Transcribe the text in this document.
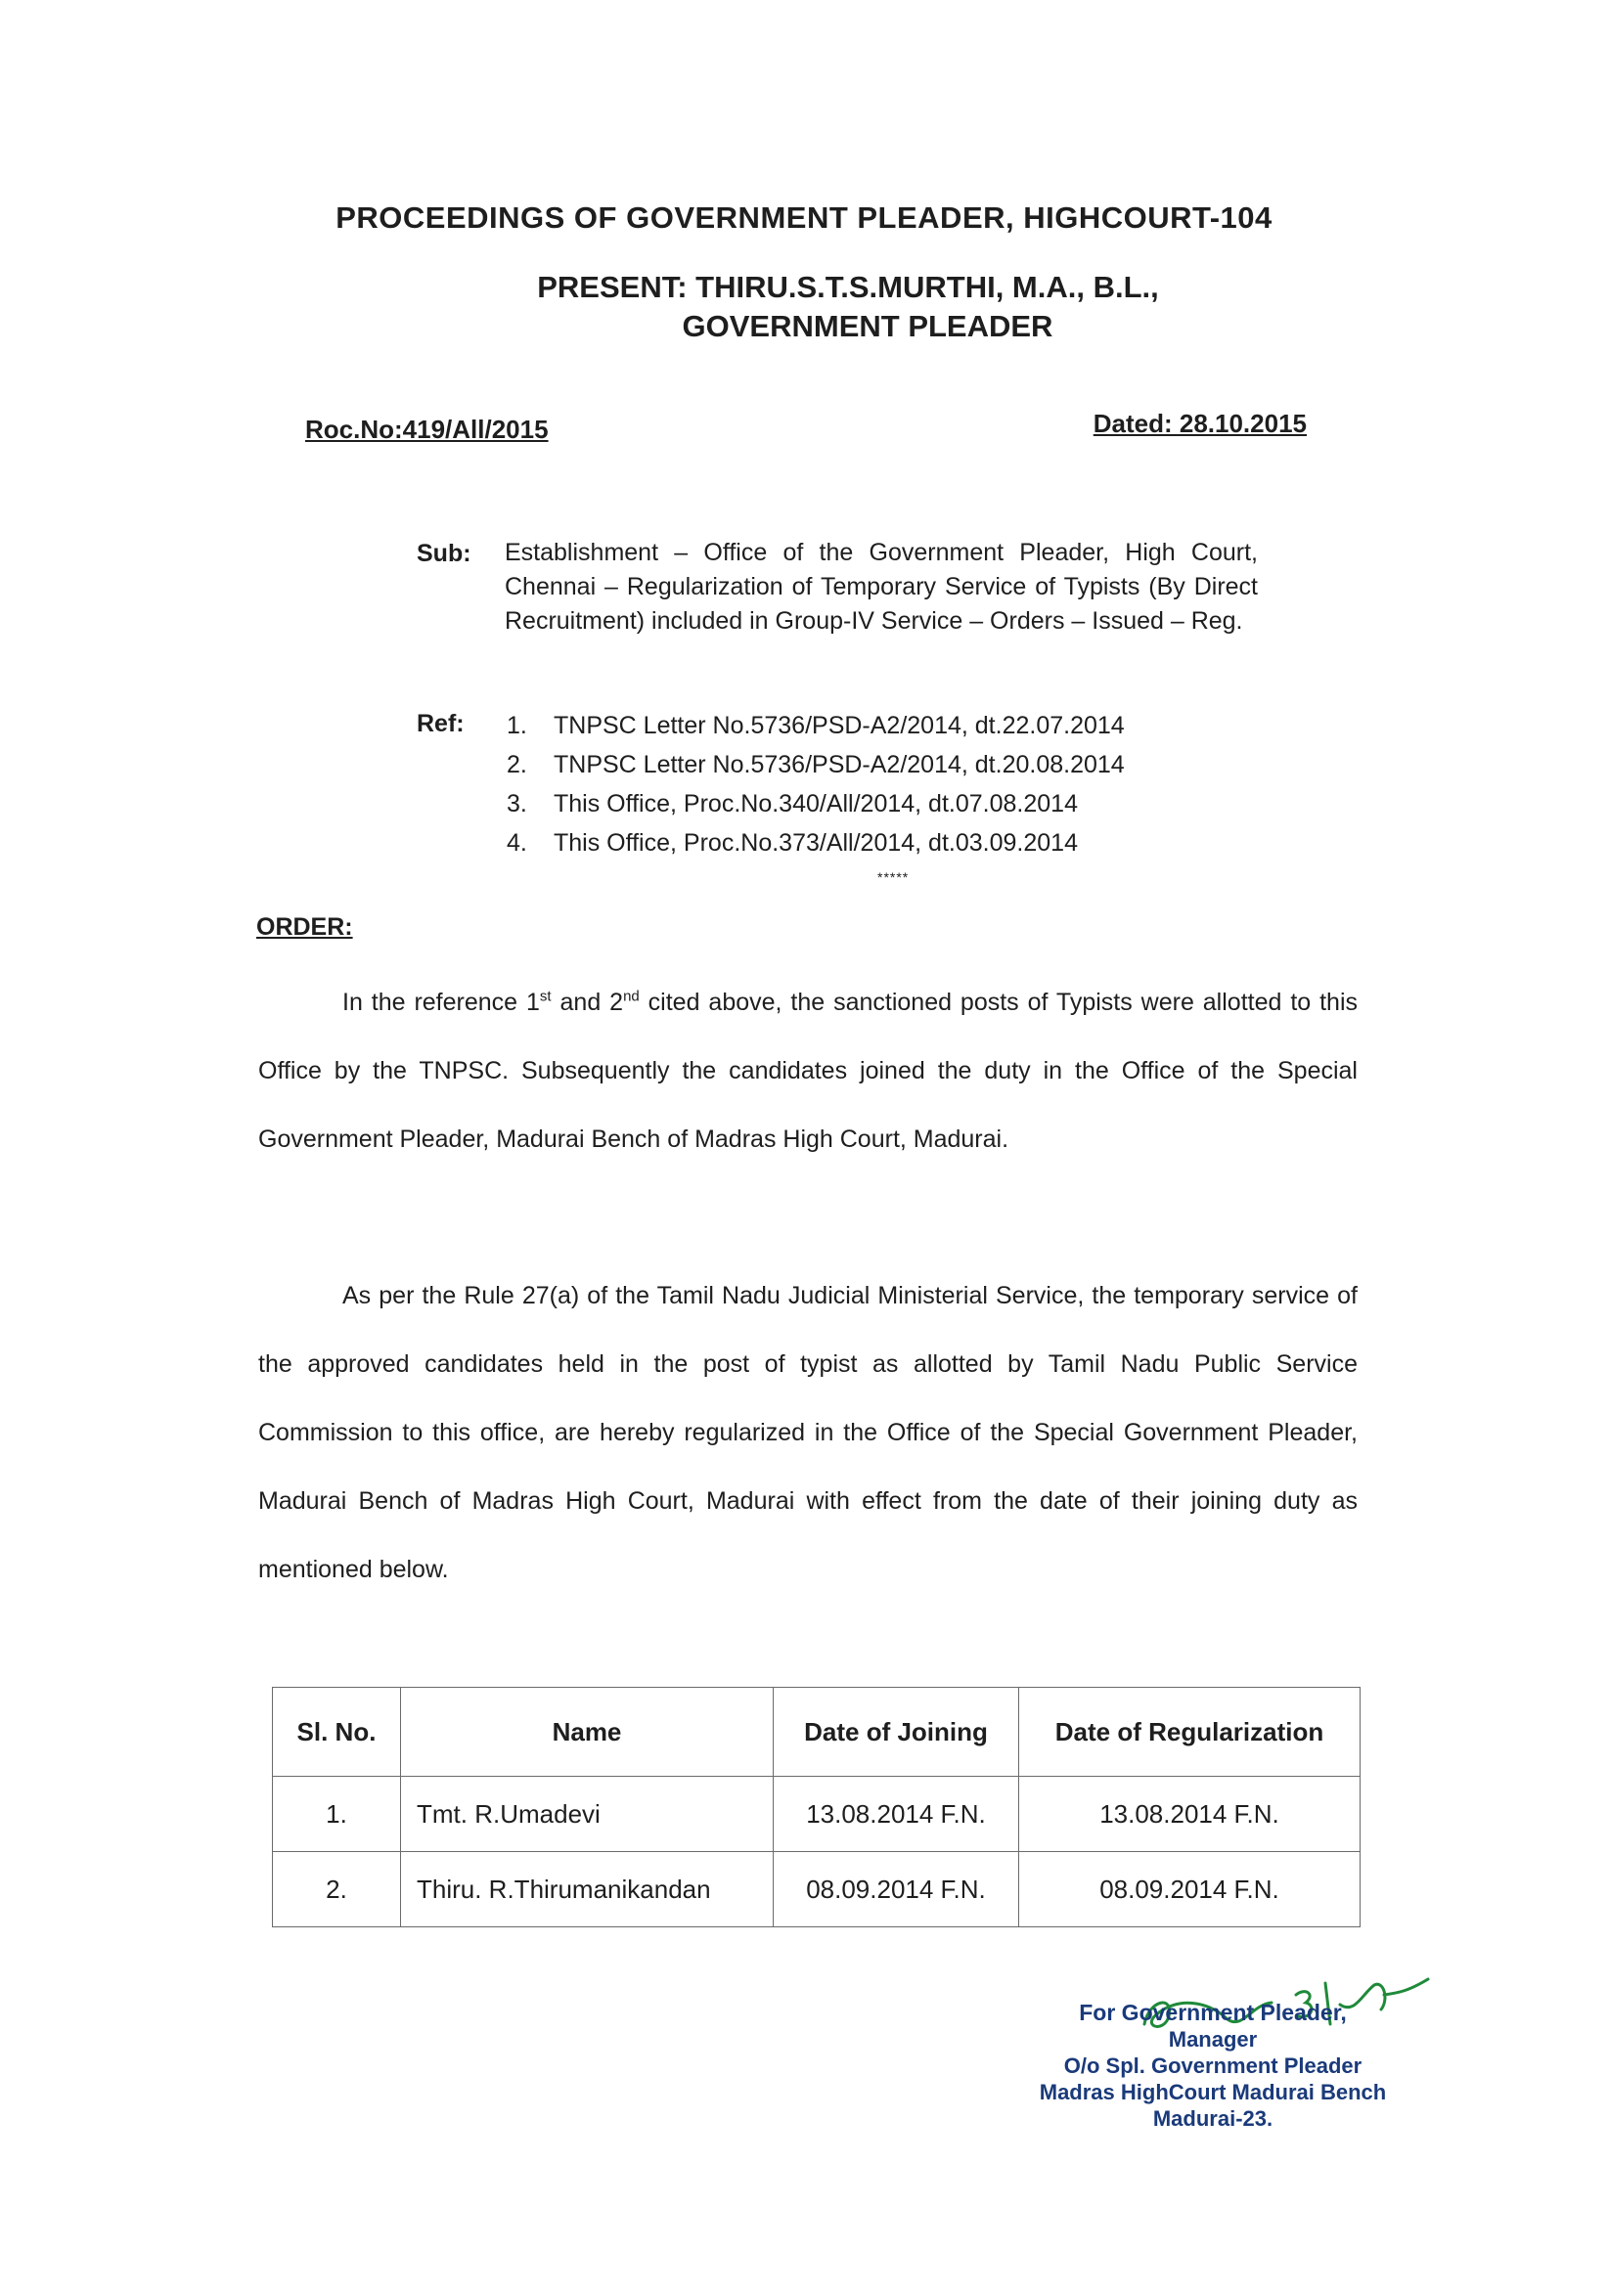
PROCEEDINGS OF GOVERNMENT PLEADER, HIGHCOURT-104
PRESENT: THIRU.S.T.S.MURTHI, M.A., B.L.,
GOVERNMENT PLEADER
Roc.No:419/All/2015	Dated: 28.10.2015
Sub: Establishment – Office of the Government Pleader, High Court, Chennai – Regularization of Temporary Service of Typists (By Direct Recruitment) included in Group-IV Service – Orders – Issued – Reg.
Ref: 1. TNPSC Letter No.5736/PSD-A2/2014, dt.22.07.2014
2. TNPSC Letter No.5736/PSD-A2/2014, dt.20.08.2014
3. This Office, Proc.No.340/All/2014, dt.07.08.2014
4. This Office, Proc.No.373/All/2014, dt.03.09.2014
*****
ORDER:
In the reference 1st and 2nd cited above, the sanctioned posts of Typists were allotted to this Office by the TNPSC. Subsequently the candidates joined the duty in the Office of the Special Government Pleader, Madurai Bench of Madras High Court, Madurai.
As per the Rule 27(a) of the Tamil Nadu Judicial Ministerial Service, the temporary service of the approved candidates held in the post of typist as allotted by Tamil Nadu Public Service Commission to this office, are hereby regularized in the Office of the Special Government Pleader, Madurai Bench of Madras High Court, Madurai with effect from the date of their joining duty as mentioned below.
Sl. No.	Name	Date of Joining	Date of Regularization
1.	Tmt. R.Umadevi	13.08.2014 F.N.	13.08.2014 F.N.
2.	Thiru. R.Thirumanikandan	08.09.2014 F.N.	08.09.2014 F.N.
For Government Pleader,
Manager
O/o Spl. Government Pleader
Madras HighCourt Madurai Bench
Madurai-23.
